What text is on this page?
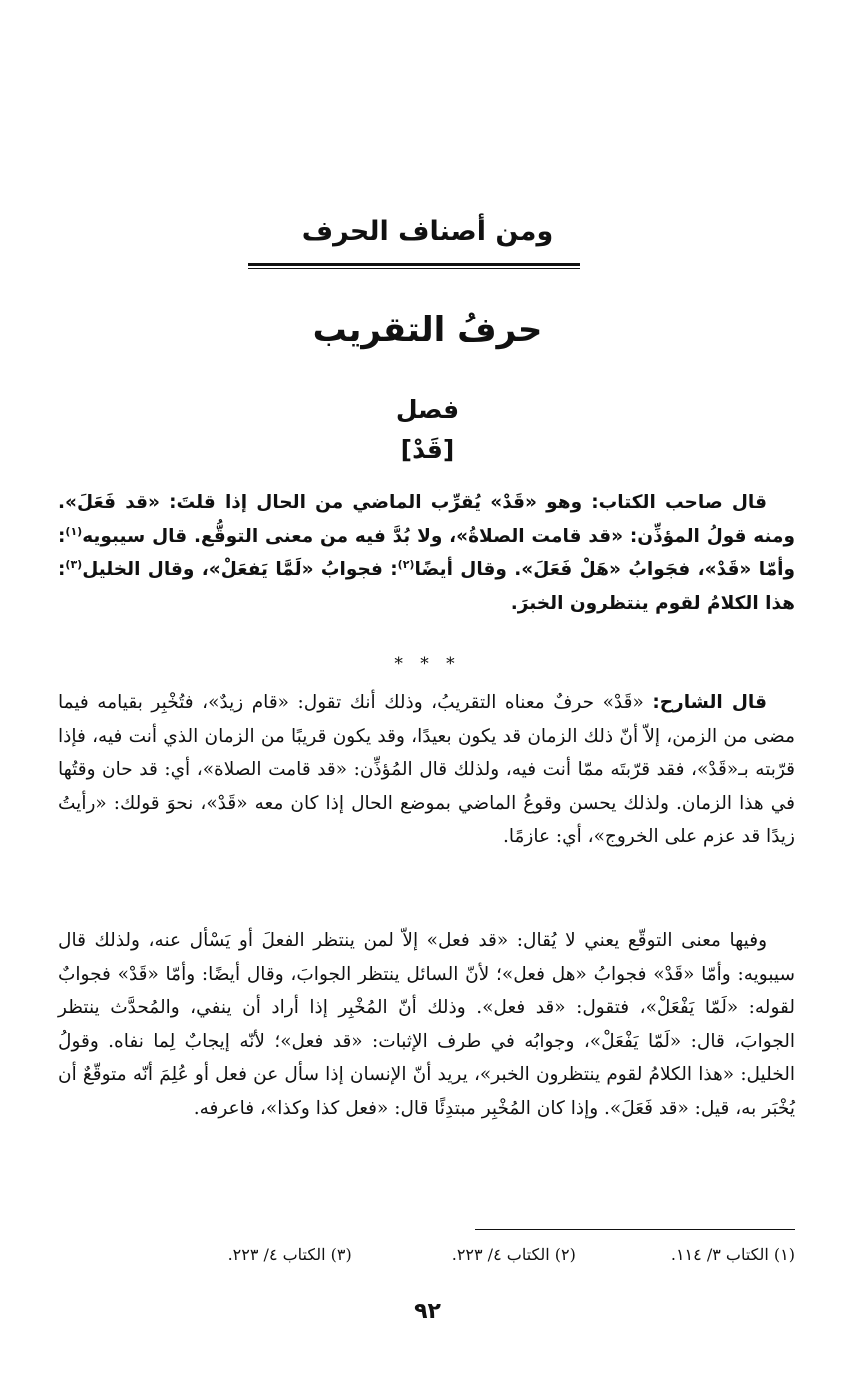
ومن أصناف الحرف
حرفُ التقريب
فصل
[قَدْ]
قال صاحب الكتاب: وهو «قَدْ» يُقرِّب الماضي من الحال إذا قلتَ: «قد فَعَلَ». ومنه قولُ المؤذِّن: «قد قامت الصلاةُ»، ولا بُدَّ فيه من معنى التوقُّع. قال سيبويه$^{(١)}$: وأمّا «قَدْ»، فجَوابُ «هَلْ فَعَلَ». وقال أيضًا$^{(٢)}$: فجوابُ «لَمَّا يَفعَلْ»، وقال الخليل$^{(٣)}$: هذا الكلامُ لقوم ينتظرون الخبرَ.
* * *
قال الشارح: «قَدْ» حرفٌ معناه التقريبُ، وذلك أنك تقول: «قام زيدٌ»، فتُخْبِر بقيامه فيما مضى من الزمن، إلاّ أنّ ذلك الزمان قد يكون بعيدًا، وقد يكون قريبًا من الزمان الذي أنت فيه، فإذا قرّبته بـ«قَدْ»، فقد قرّبتَه ممّا أنت فيه، ولذلك قال المُؤذِّن: «قد قامت الصلاة»، أي: قد حان وقتُها في هذا الزمان. ولذلك يحسن وقوعُ الماضي بموضع الحال إذا كان معه «قَدْ»، نحوَ قولك: «رأيتُ زيدًا قد عزم على الخروج»، أي: عازمًا.
وفيها معنى التوقّع يعني لا يُقال: «قد فعل» إلاّ لمن ينتظر الفعلَ أو يَسْأل عنه، ولذلك قال سيبويه: وأمّا «قَدْ» فجوابُ «هل فعل»؛ لأنّ السائل ينتظر الجوابَ، وقال أيضًا: وأمّا «قَدْ» فجوابٌ لقوله: «لَمّا يَفْعَلْ»، فتقول: «قد فعل». وذلك أنّ المُخْبِر إذا أراد أن ينفي، والمُحدَّث ينتظر الجوابَ، قال: «لَمّا يَفْعَلْ»، وجوابُه في طرف الإثبات: «قد فعل»؛ لأنّه إيجابٌ لِما نفاه. وقولُ الخليل: «هذا الكلامُ لقوم ينتظرون الخبر»، يريد أنّ الإنسان إذا سأل عن فعل أو عُلِمَ أنّه متوقّعٌ أن يُخْبَر به، قيل: «قد فَعَلَ». وإذا كان المُخْبِر مبتدِئًا قال: «فعل كذا وكذا»، فاعرفه.
(١) الكتاب ٣/ ١١٤.
(٢) الكتاب ٤/ ٢٢٣.
(٣) الكتاب ٤/ ٢٢٣.
٩٢
